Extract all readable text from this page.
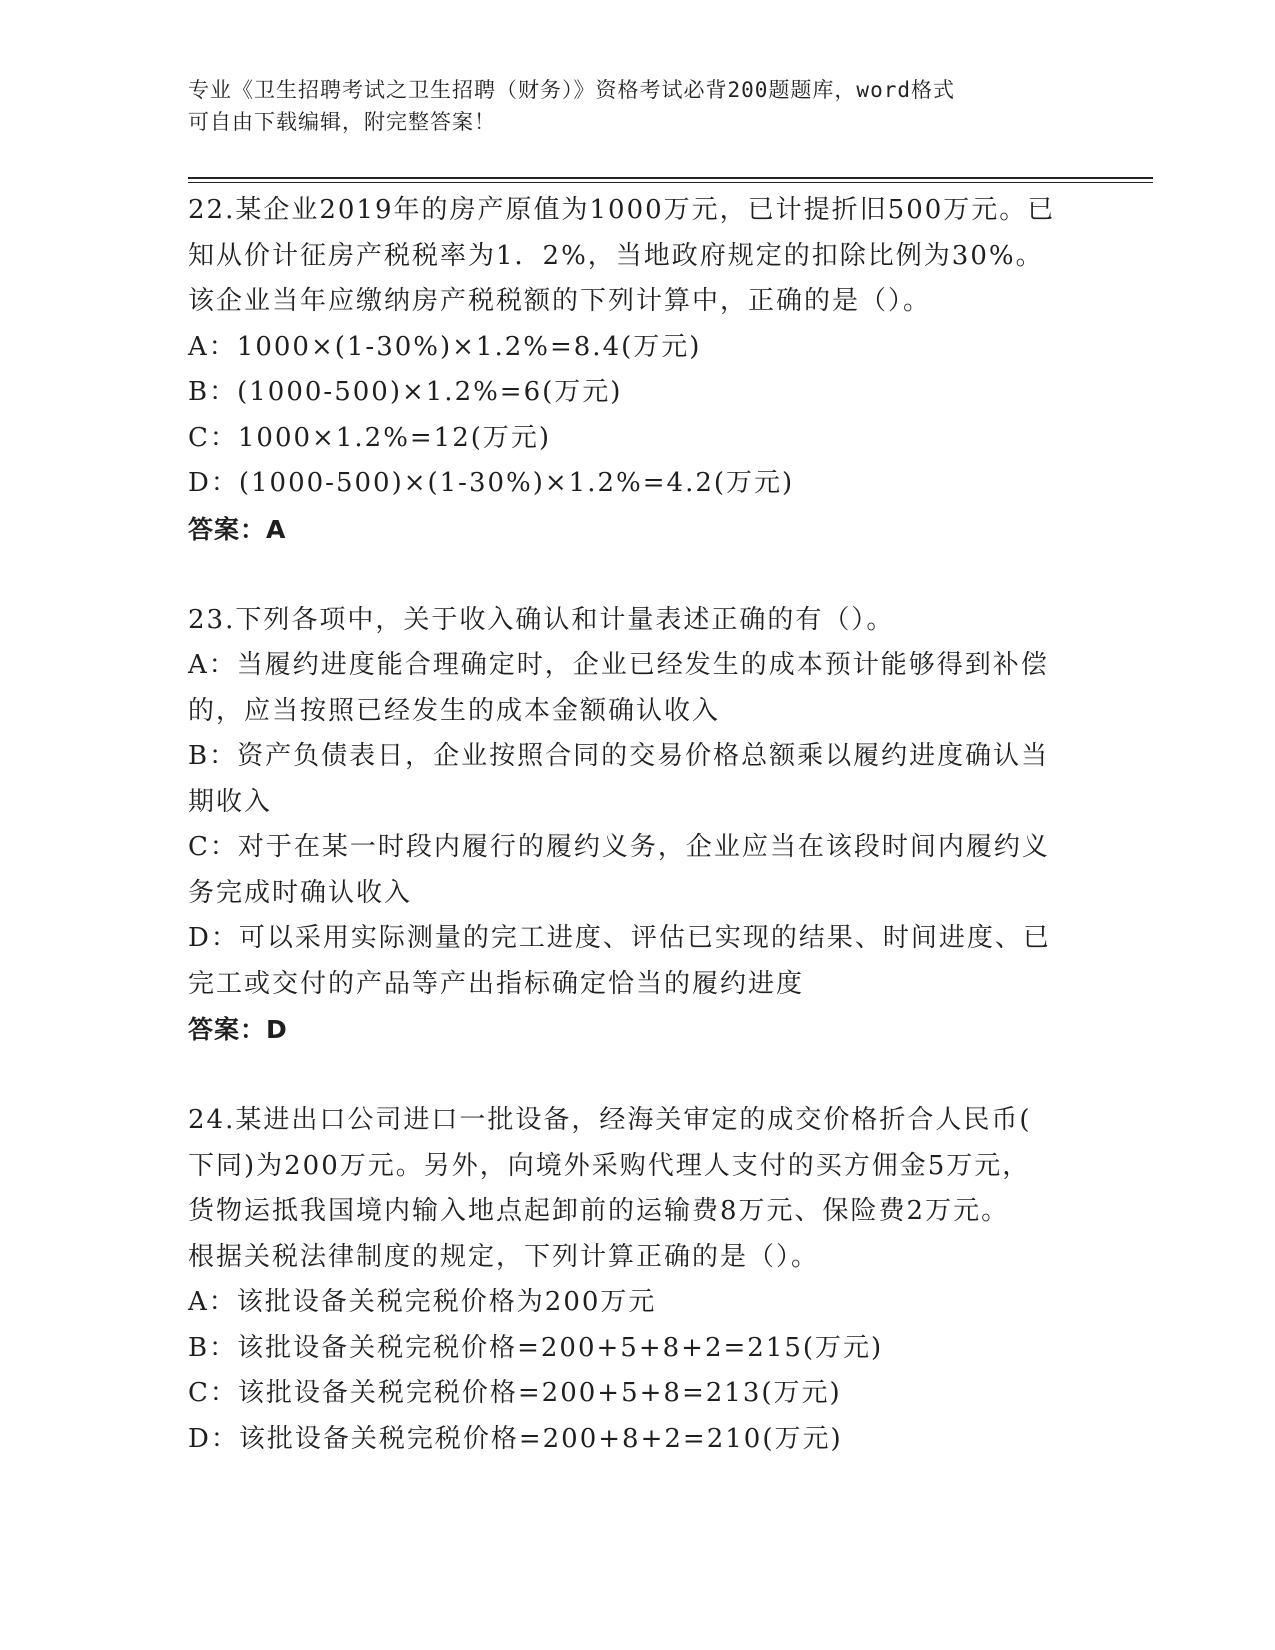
专业《卫生招聘考试之卫生招聘（财务）》资格考试必背200题题库，word格式
可自由下载编辑，附完整答案！
22.某企业2019年的房产原值为1000万元，已计提折旧500万元。已
知从价计征房产税税率为1．2%，当地政府规定的扣除比例为30%。
该企业当年应缴纳房产税税额的下列计算中，正确的是（）。
A：1000×(1-30%)×1.2%=8.4(万元)
B：(1000-500)×1.2%=6(万元)
C：1000×1.2%=12(万元)
D：(1000-500)×(1-30%)×1.2%=4.2(万元)
答案：A
23.下列各项中，关于收入确认和计量表述正确的有（）。
A：当履约进度能合理确定时，企业已经发生的成本预计能够得到补偿
的，应当按照已经发生的成本金额确认收入
B：资产负债表日，企业按照合同的交易价格总额乘以履约进度确认当
期收入
C：对于在某一时段内履行的履约义务，企业应当在该段时间内履约义
务完成时确认收入
D：可以采用实际测量的完工进度、评估已实现的结果、时间进度、已
完工或交付的产品等产出指标确定恰当的履约进度
答案：D
24.某进出口公司进口一批设备，经海关审定的成交价格折合人民币(
下同)为200万元。另外，向境外采购代理人支付的买方佣金5万元，
货物运抵我国境内输入地点起卸前的运输费8万元、保险费2万元。
根据关税法律制度的规定，下列计算正确的是（）。
A：该批设备关税完税价格为200万元
B：该批设备关税完税价格=200+5+8+2=215(万元)
C：该批设备关税完税价格=200+5+8=213(万元)
D：该批设备关税完税价格=200+8+2=210(万元)
